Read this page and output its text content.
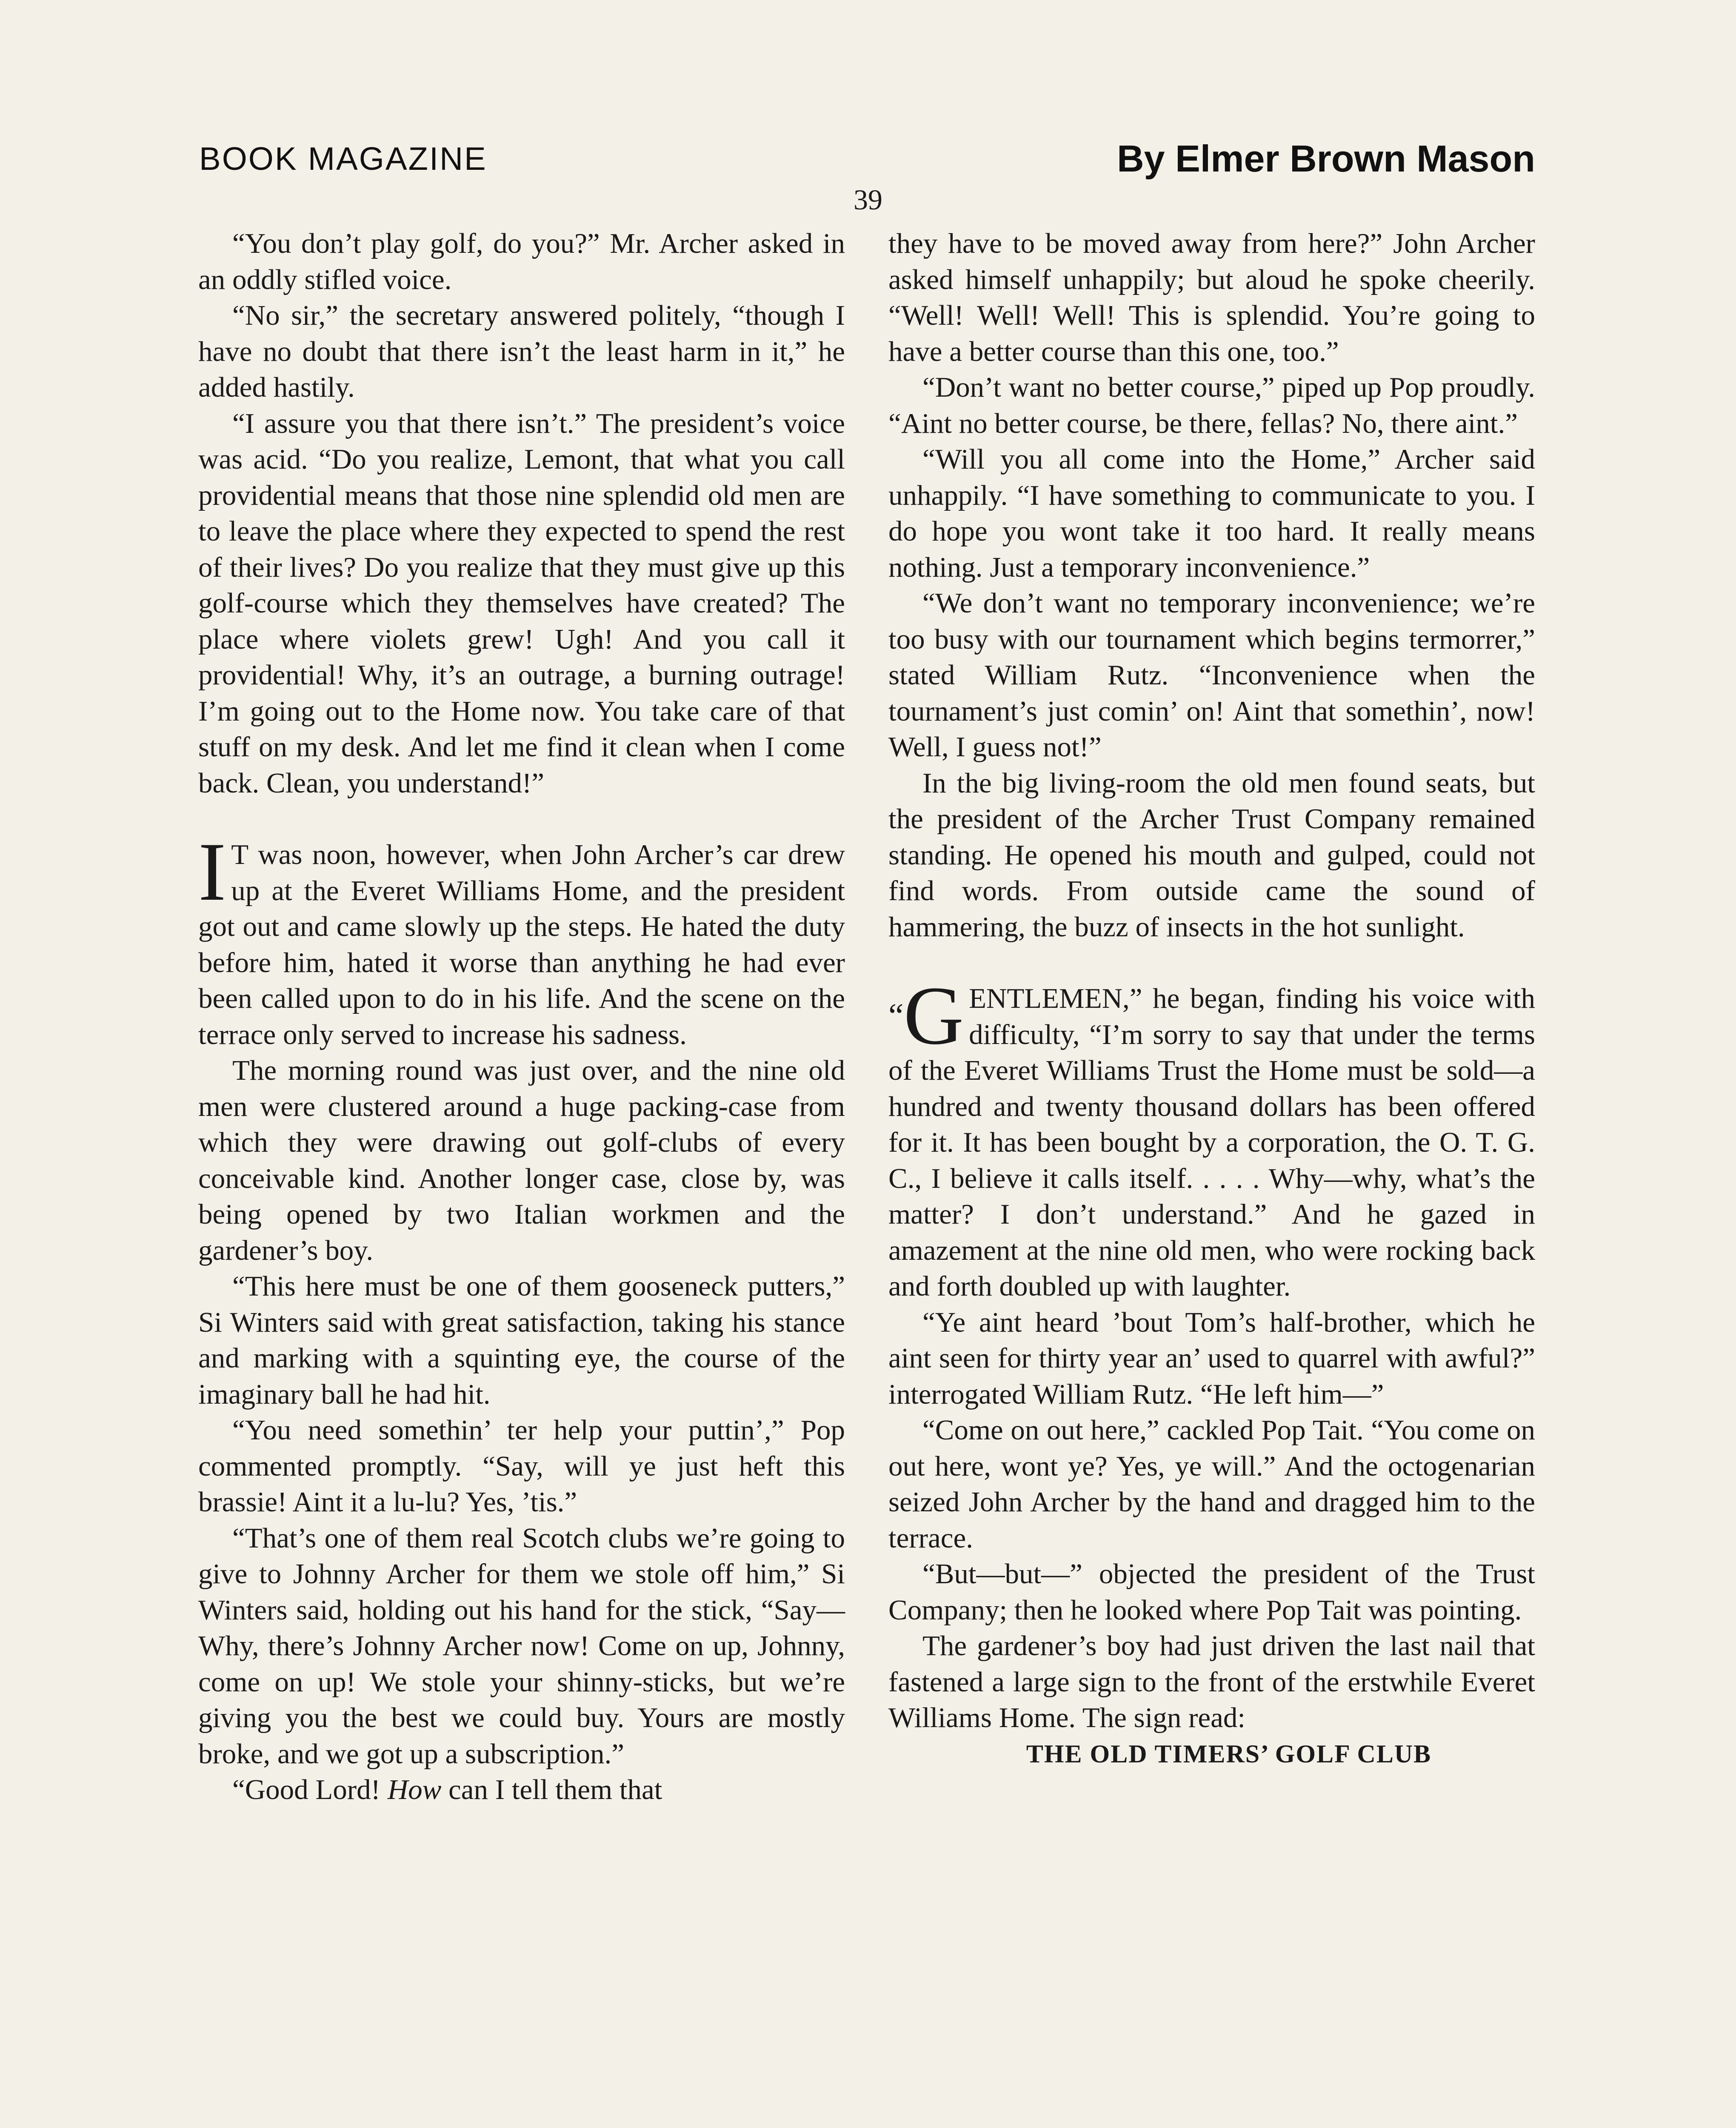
BOOK MAGAZINE	By Elmer Brown Mason
39

“You don’t play golf, do you?” Mr. Archer asked in an oddly stifled voice.

“No sir,” the secretary answered politely, “though I have no doubt that there isn’t the least harm in it,” he added hastily.

“I assure you that there isn’t.” The president’s voice was acid. “Do you realize, Lemont, that what you call providential means that those nine splendid old men are to leave the place where they expected to spend the rest of their lives? Do you realize that they must give up this golf-course which they themselves have created? The place where violets grew! Ugh! And you call it providential! Why, it’s an outrage, a burning outrage! I’m going out to the Home now. You take care of that stuff on my desk. And let me find it clean when I come back. Clean, you understand!”

I T was noon, however, when John Archer’s car drew up at the Everet Williams Home, and the president got out and came slowly up the steps. He hated the duty before him, hated it worse than anything he had ever been called upon to do in his life. And the scene on the terrace only served to increase his sadness.

The morning round was just over, and the nine old men were clustered around a huge packing-case from which they were drawing out golf-clubs of every conceivable kind. Another longer case, close by, was being opened by two Italian workmen and the gardener’s boy.

“This here must be one of them gooseneck putters,” Si Winters said with great satisfaction, taking his stance and marking with a squinting eye, the course of the imaginary ball he had hit.

“You need somethin’ ter help your puttin’,” Pop commented promptly. “Say, will ye just heft this brassie! Aint it a lu-lu? Yes, ’tis.”

“That’s one of them real Scotch clubs we’re going to give to Johnny Archer for them we stole off him,” Si Winters said, holding out his hand for the stick, “Say—Why, there’s Johnny Archer now! Come on up, Johnny, come on up! We stole your shinny-sticks, but we’re giving you the best we could buy. Yours are mostly broke, and we got up a subscription.”

“Good Lord! How can I tell them that

they have to be moved away from here?” John Archer asked himself unhappily; but aloud he spoke cheerily. “Well! Well! Well! This is splendid. You’re going to have a better course than this one, too.”

“Don’t want no better course,” piped up Pop proudly. “Aint no better course, be there, fellas? No, there aint.”

“Will you all come into the Home,” Archer said unhappily. “I have something to communicate to you. I do hope you wont take it too hard. It really means nothing. Just a temporary inconvenience.”

“We don’t want no temporary inconvenience; we’re too busy with our tournament which begins termorrer,” stated William Rutz. “Inconvenience when the tournament’s just comin’ on! Aint that somethin’, now! Well, I guess not!”

In the big living-room the old men found seats, but the president of the Archer Trust Company remained standing. He opened his mouth and gulped, could not find words. From outside came the sound of hammering, the buzz of insects in the hot sunlight.

“G ENTLEMEN,” he began, finding his voice with difficulty, “I’m sorry to say that under the terms of the Everet Williams Trust the Home must be sold—a hundred and twenty thousand dollars has been offered for it. It has been bought by a corporation, the O. T. G. C., I believe it calls itself. . . . . Why—why, what’s the matter? I don’t understand.” And he gazed in amazement at the nine old men, who were rocking back and forth doubled up with laughter.

“Ye aint heard ’bout Tom’s half-brother, which he aint seen for thirty year an’ used to quarrel with awful?” interrogated William Rutz. “He left him—”

“Come on out here,” cackled Pop Tait. “You come on out here, wont ye? Yes, ye will.” And the octogenarian seized John Archer by the hand and dragged him to the terrace.

“But—but—” objected the president of the Trust Company; then he looked where Pop Tait was pointing.

The gardener’s boy had just driven the last nail that fastened a large sign to the front of the erstwhile Everet Williams Home. The sign read:

THE OLD TIMERS’ GOLF CLUB
